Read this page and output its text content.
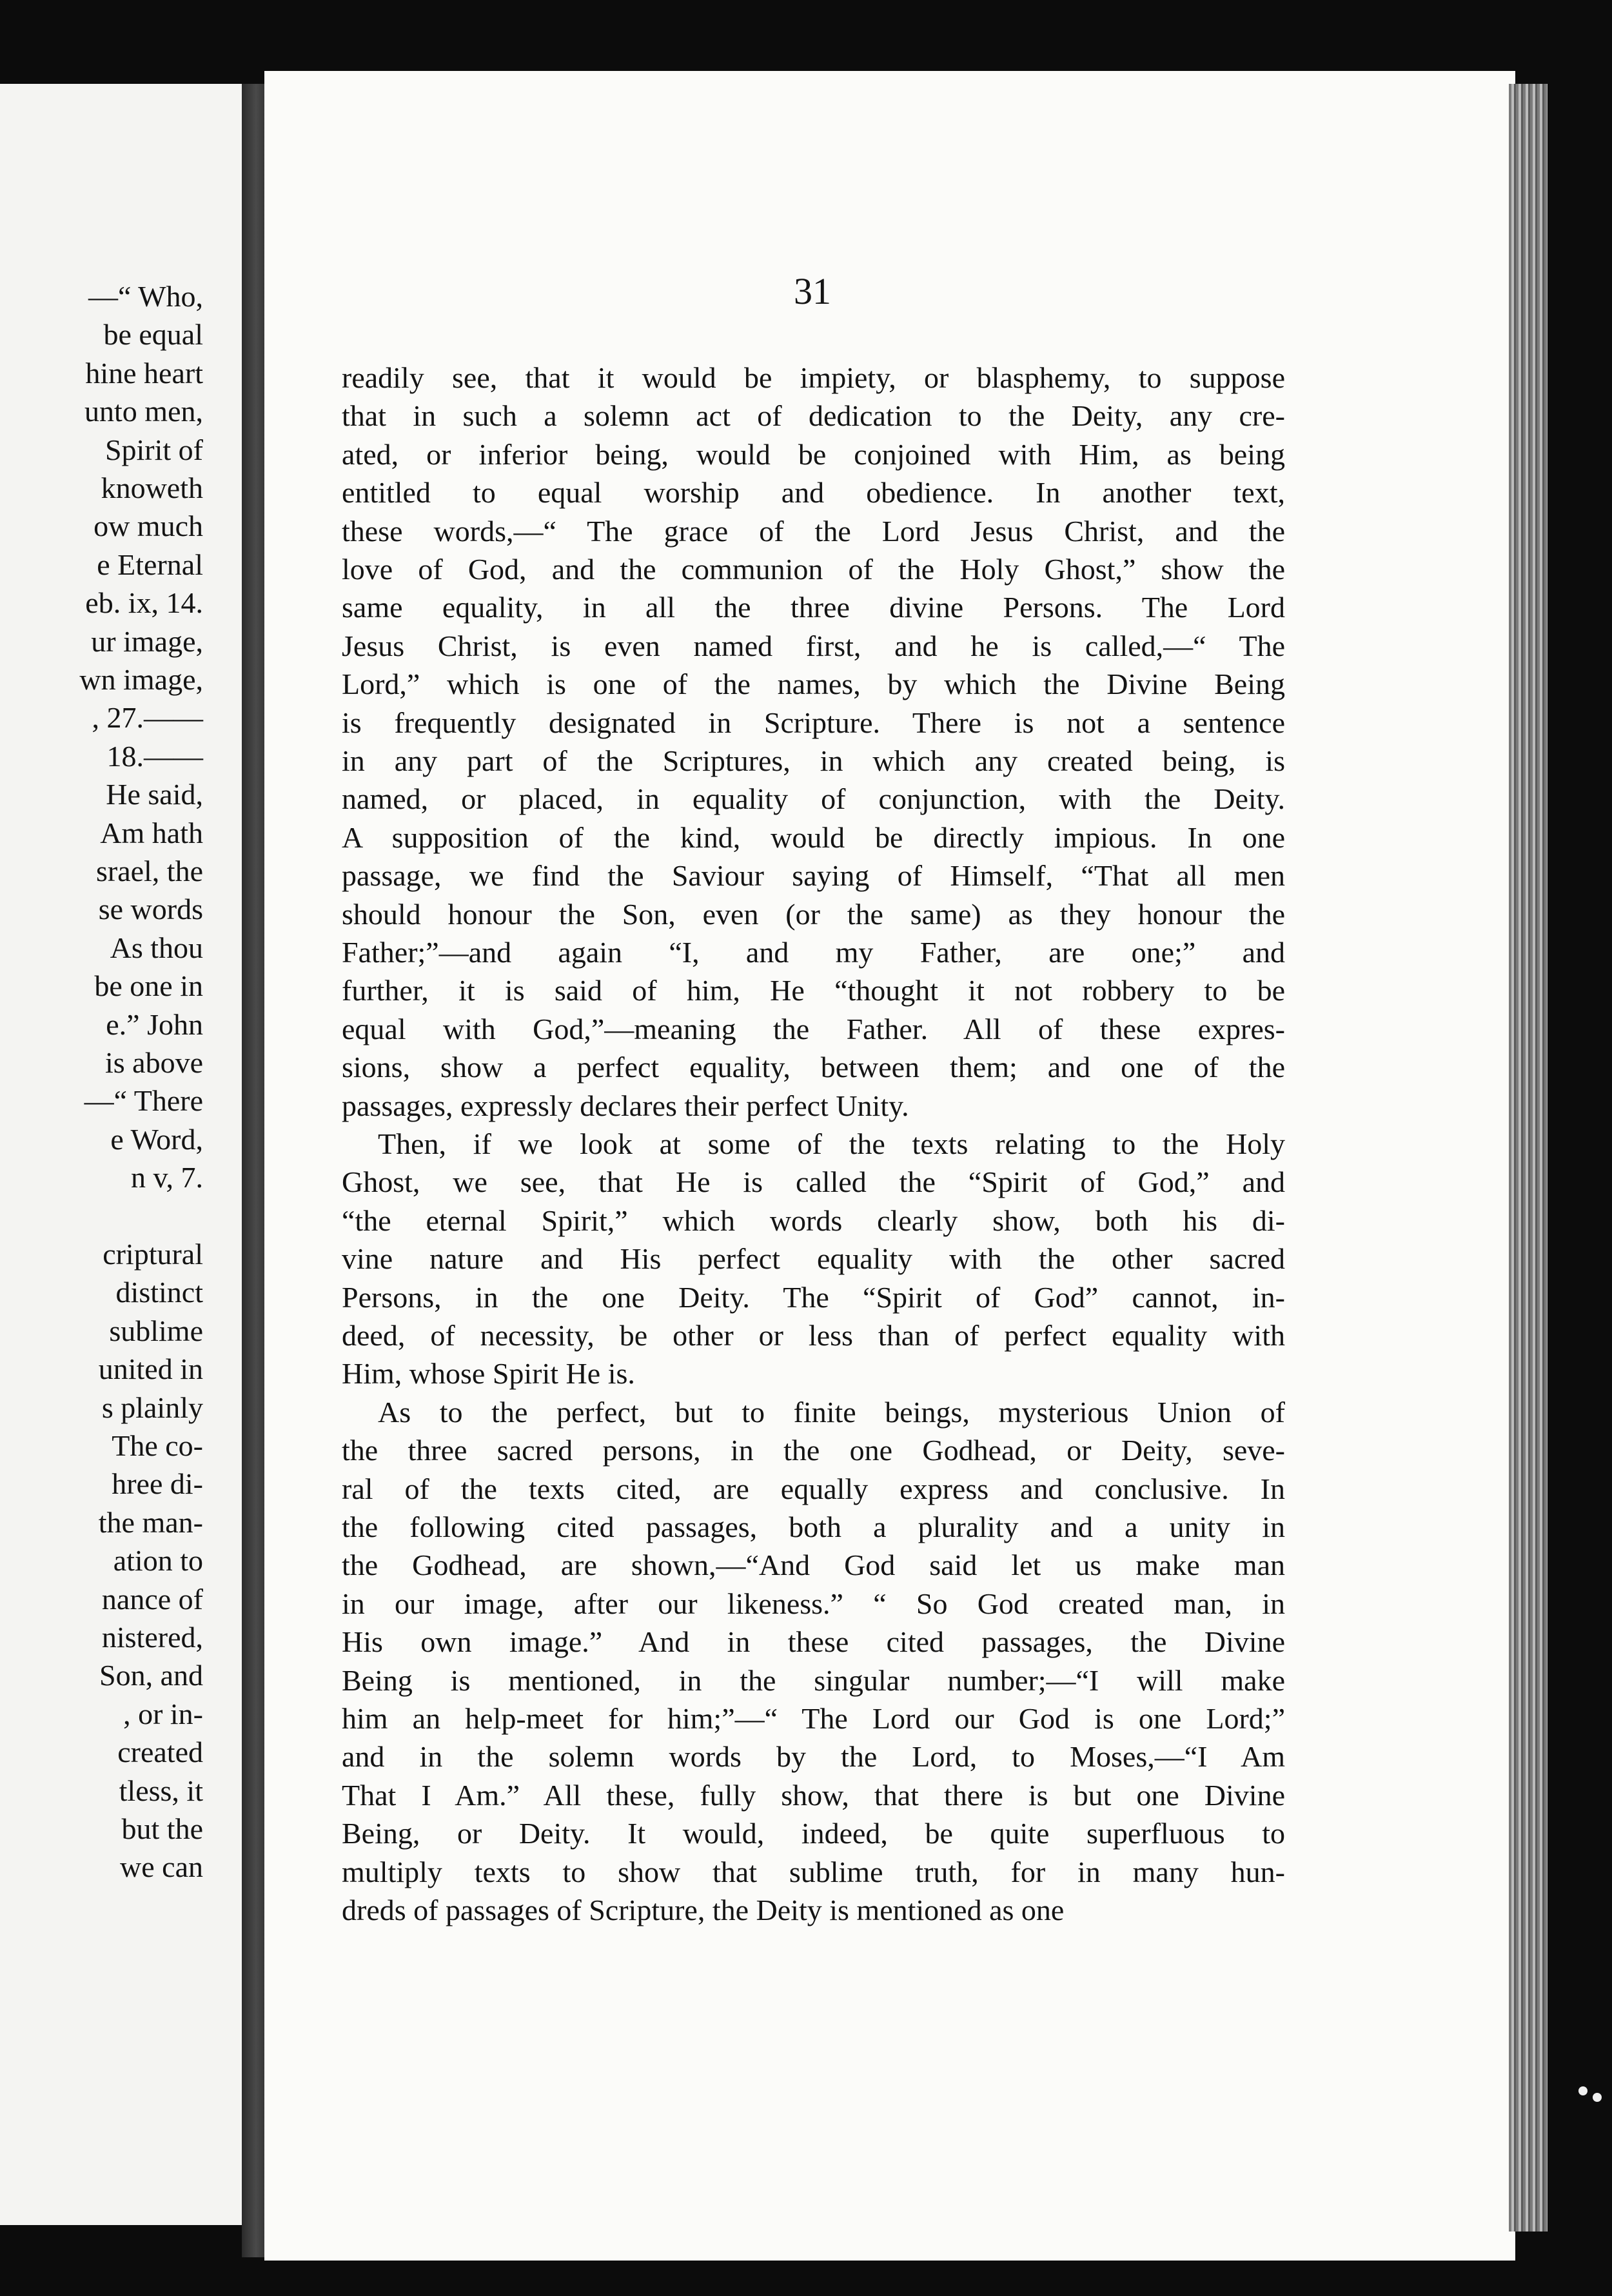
—“ Who,

be equal

hine heart

unto men,

Spirit of

knoweth

ow much

e Eternal

eb. ix, 14.

ur image,

wn image,

, 27.——

18.——

He said,

Am hath

srael, the

se words

As thou

be one in

e.” John

is above

—“ There

e Word,

n v, 7.

criptural

distinct

sublime

united in

s plainly

The co-

hree di-

the man-

ation to

nance of

nistered,

Son, and

, or in-

created

tless, it

but the

we can

31

readily see, that it would be impiety, or blasphemy, to suppose

that in such a solemn act of dedication to the Deity, any cre-

ated, or inferior being, would be conjoined with Him, as being

entitled to equal worship and obedience. In another text,

these words,—“ The grace of the Lord Jesus Christ, and the

love of God, and the communion of the Holy Ghost,” show the

same equality, in all the three divine Persons. The Lord

Jesus Christ, is even named first, and he is called,—“ The

Lord,” which is one of the names, by which the Divine Being

is frequently designated in Scripture. There is not a sentence

in any part of the Scriptures, in which any created being, is

named, or placed, in equality of conjunction, with the Deity.

A supposition of the kind, would be directly impious. In one

passage, we find the Saviour saying of Himself, “That all men

should honour the Son, even (or the same) as they honour the

Father;”—and again “I, and my Father, are one;” and

further, it is said of him, He “thought it not robbery to be

equal with God,”—meaning the Father. All of these expres-

sions, show a perfect equality, between them; and one of the

passages, expressly declares their perfect Unity.

Then, if we look at some of the texts relating to the Holy

Ghost, we see, that He is called the “Spirit of God,” and

“the eternal Spirit,” which words clearly show, both his di-

vine nature and His perfect equality with the other sacred

Persons, in the one Deity. The “Spirit of God” cannot, in-

deed, of necessity, be other or less than of perfect equality with

Him, whose Spirit He is.

As to the perfect, but to finite beings, mysterious Union of

the three sacred persons, in the one Godhead, or Deity, seve-

ral of the texts cited, are equally express and conclusive. In

the following cited passages, both a plurality and a unity in

the Godhead, are shown,—“And God said let us make man

in our image, after our likeness.” “ So God created man, in

His own image.” And in these cited passages, the Divine

Being is mentioned, in the singular number;—“I will make

him an help-meet for him;”—“ The Lord our God is one Lord;”

and in the solemn words by the Lord, to Moses,—“I Am

That I Am.” All these, fully show, that there is but one Divine

Being, or Deity. It would, indeed, be quite superfluous to

multiply texts to show that sublime truth, for in many hun-

dreds of passages of Scripture, the Deity is mentioned as one
